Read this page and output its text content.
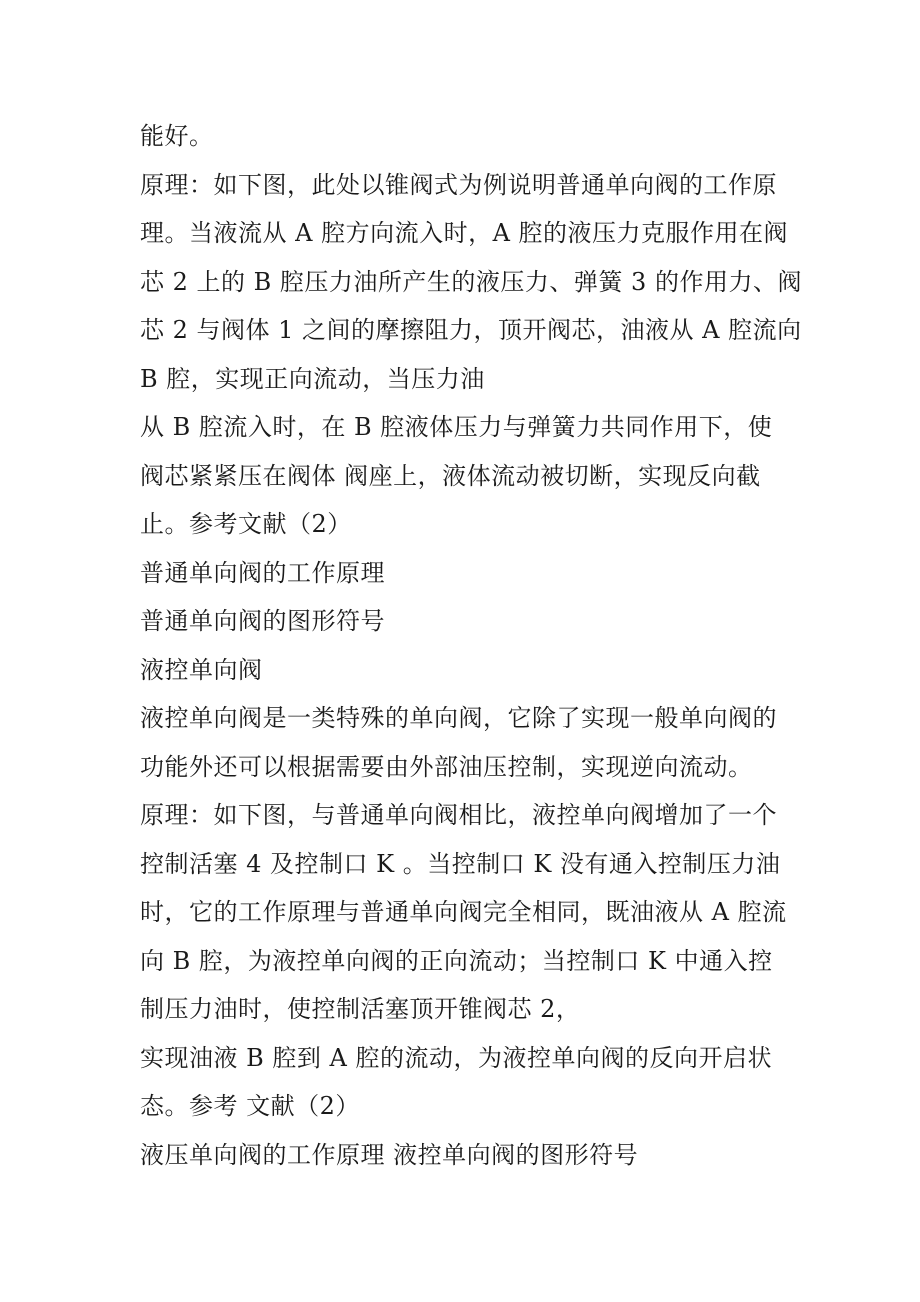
能好。
原理：如下图，此处以锥阀式为例说明普通单向阀的工作原
理。当液流从 A 腔方向流入时，A 腔的液压力克服作用在阀
芯 2 上的 B 腔压力油所产生的液压力、弹簧 3 的作用力、阀
芯 2 与阀体 1 之间的摩擦阻力，顶开阀芯，油液从 A 腔流向
B 腔，实现正向流动，当压力油
从 B 腔流入时，在 B 腔液体压力与弹簧力共同作用下，使
阀芯紧紧压在阀体 阀座上，液体流动被切断，实现反向截
止。参考文献（2）
普通单向阀的工作原理
普通单向阀的图形符号
液控单向阀
液控单向阀是一类特殊的单向阀，它除了实现一般单向阀的
功能外还可以根据需要由外部油压控制，实现逆向流动。
原理：如下图，与普通单向阀相比，液控单向阀增加了一个
控制活塞 4 及控制口 K 。当控制口 K 没有通入控制压力油
时，它的工作原理与普通单向阀完全相同，既油液从 A 腔流
向 B 腔，为液控单向阀的正向流动；当控制口 K 中通入控
制压力油时，使控制活塞顶开锥阀芯 2，
实现油液 B 腔到 A 腔的流动，为液控单向阀的反向开启状
态。参考 文献（2）
液压单向阀的工作原理 液控单向阀的图形符号
